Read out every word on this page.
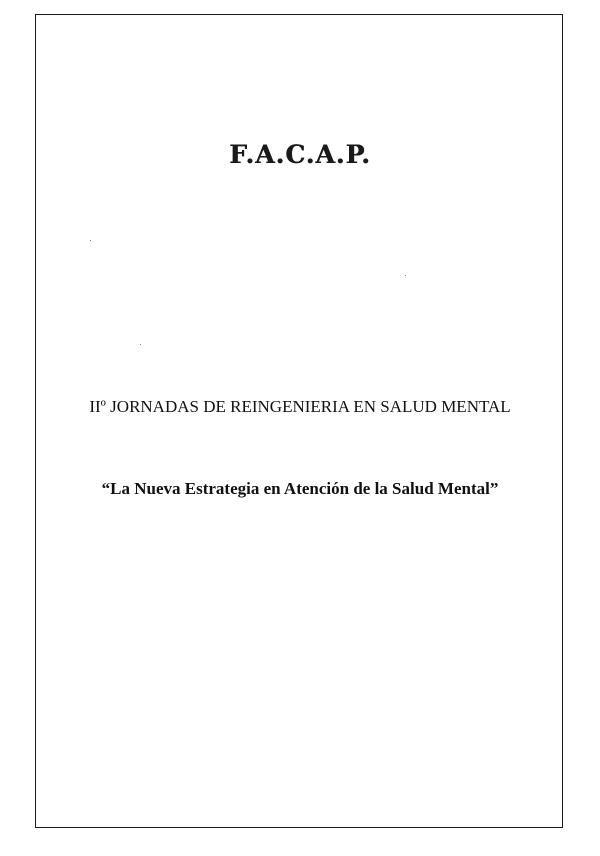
F.A.C.A.P.
IIº JORNADAS DE REINGENIERIA EN SALUD MENTAL
“La Nueva Estrategia en Atención de la Salud Mental”
